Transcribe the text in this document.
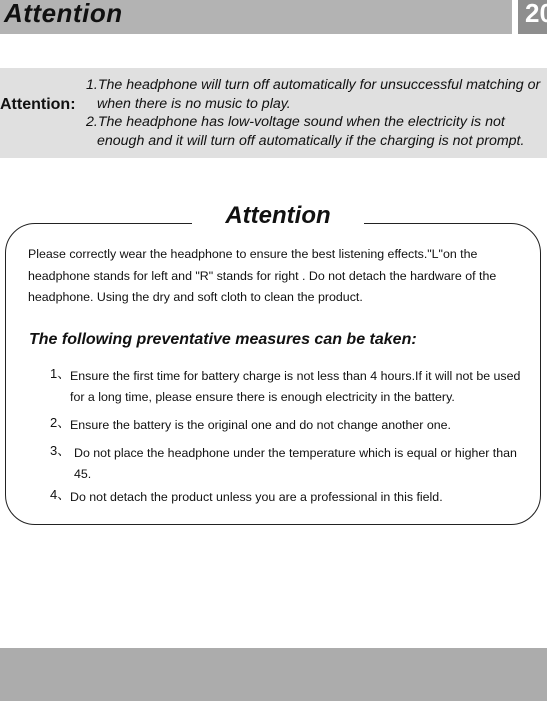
Attention	20
Attention:

1.The headphone will turn off automatically for unsuccessful matching or when there is no music to play.

2.The headphone has low-voltage sound when the electricity is not enough and it will turn off automatically if the charging is not prompt.

Attention
Please correctly wear the headphone to ensure the best listening effects."L"on the headphone stands for left and "R" stands for right . Do not detach the hardware of the headphone. Using the dry and soft cloth to clean the product.
The following preventative measures can be taken:
1、 Ensure the first time for battery charge is not less than 4 hours.If it will not be used for a long time, please ensure there is enough electricity in the battery.
2、 Ensure the battery is the original one and do not change another one.
3、 Do not place the headphone under the temperature which is equal or higher than 45.
4、 Do not detach the product unless you are a professional in this field.
